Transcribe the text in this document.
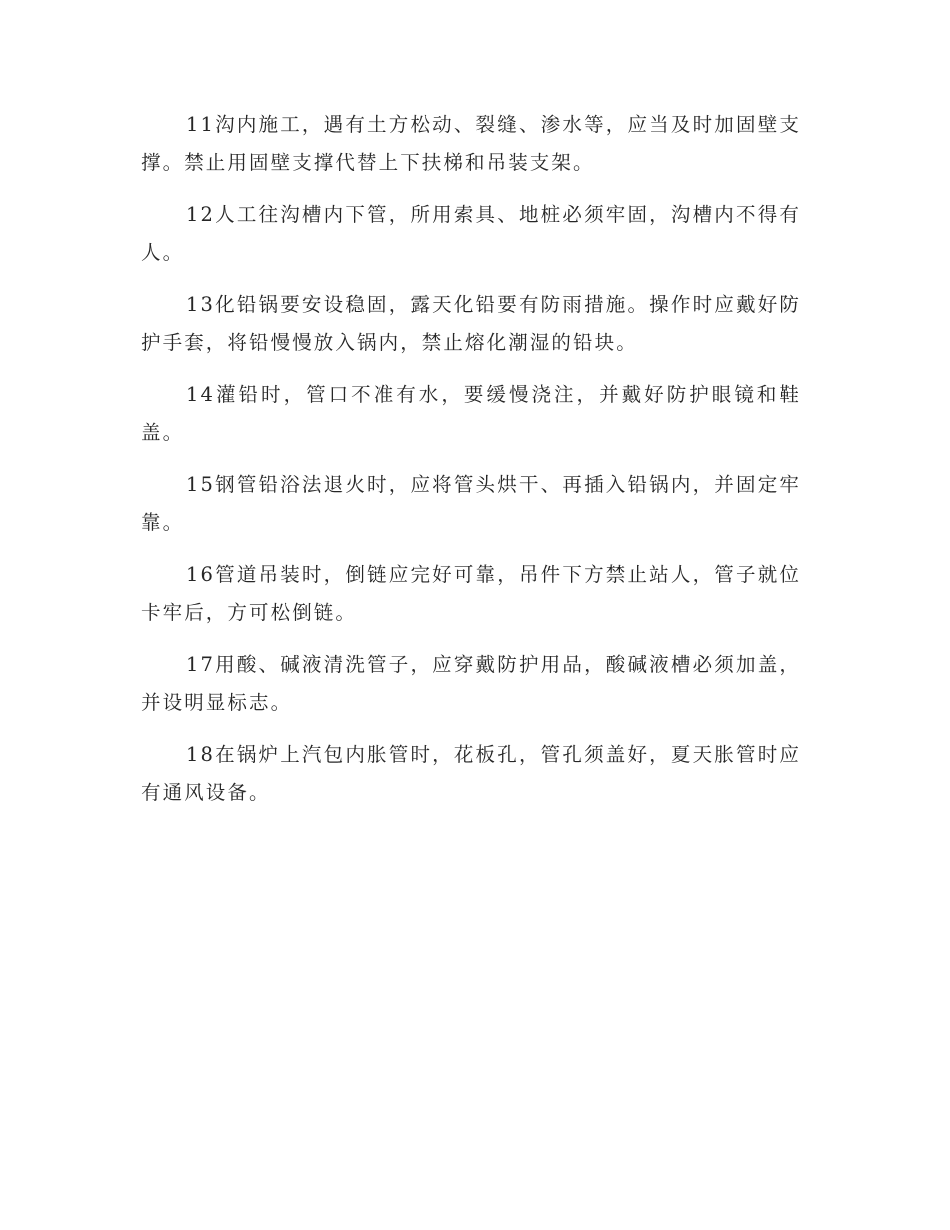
11沟内施工，遇有土方松动、裂缝、渗水等，应当及时加固壁支撑。禁止用固壁支撑代替上下扶梯和吊装支架。

12人工往沟槽内下管，所用索具、地桩必须牢固，沟槽内不得有人。

13化铅锅要安设稳固，露天化铅要有防雨措施。操作时应戴好防护手套，将铅慢慢放入锅内，禁止熔化潮湿的铅块。

14灌铅时，管口不准有水，要缓慢浇注，并戴好防护眼镜和鞋盖。

15钢管铅浴法退火时，应将管头烘干、再插入铅锅内，并固定牢靠。

16管道吊装时，倒链应完好可靠，吊件下方禁止站人，管子就位卡牢后，方可松倒链。

17用酸、碱液清洗管子，应穿戴防护用品，酸碱液槽必须加盖，并设明显标志。

18在锅炉上汽包内胀管时，花板孔，管孔须盖好，夏天胀管时应有通风设备。
